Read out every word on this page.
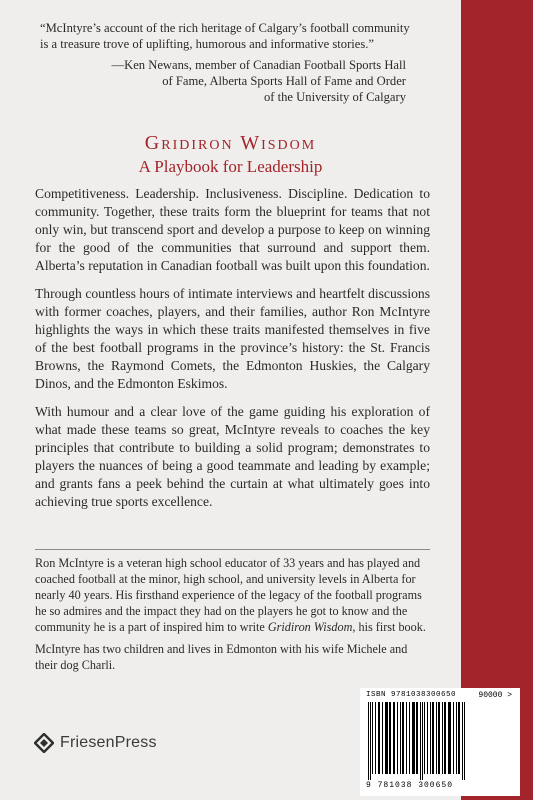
“McIntyre’s account of the rich heritage of Calgary’s football community is a treasure trove of uplifting, humorous and informative stories.”

—Ken Newans, member of Canadian Football Sports Hall
of Fame, Alberta Sports Hall of Fame and Order
of the University of Calgary

Gridiron Wisdom
A Playbook for Leadership

Competitiveness. Leadership. Inclusiveness. Discipline. Dedication to community. Together, these traits form the blueprint for teams that not only win, but transcend sport and develop a purpose to keep on winning for the good of the communities that surround and support them. Alberta’s reputation in Canadian football was built upon this foundation.

Through countless hours of intimate interviews and heartfelt discussions with former coaches, players, and their families, author Ron McIntyre highlights the ways in which these traits manifested themselves in five of the best football programs in the province’s history: the St. Francis Browns, the Raymond Comets, the Edmonton Huskies, the Calgary Dinos, and the Edmonton Eskimos.

With humour and a clear love of the game guiding his exploration of what made these teams so great, McIntyre reveals to coaches the key principles that contribute to building a solid program; demonstrates to players the nuances of being a good teammate and leading by example; and grants fans a peek behind the curtain at what ultimately goes into achieving true sports excellence.

Ron McIntyre is a veteran high school educator of 33 years and has played and coached football at the minor, high school, and university levels in Alberta for nearly 40 years. His firsthand experience of the legacy of the football programs he so admires and the impact they had on the players he got to know and the community he is a part of inspired him to write Gridiron Wisdom, his first book.

McIntyre has two children and lives in Edmonton with his wife Michele and their dog Charli.

FriesenPress
ISBN 9781038300650	90000 >
9 781038 300650
